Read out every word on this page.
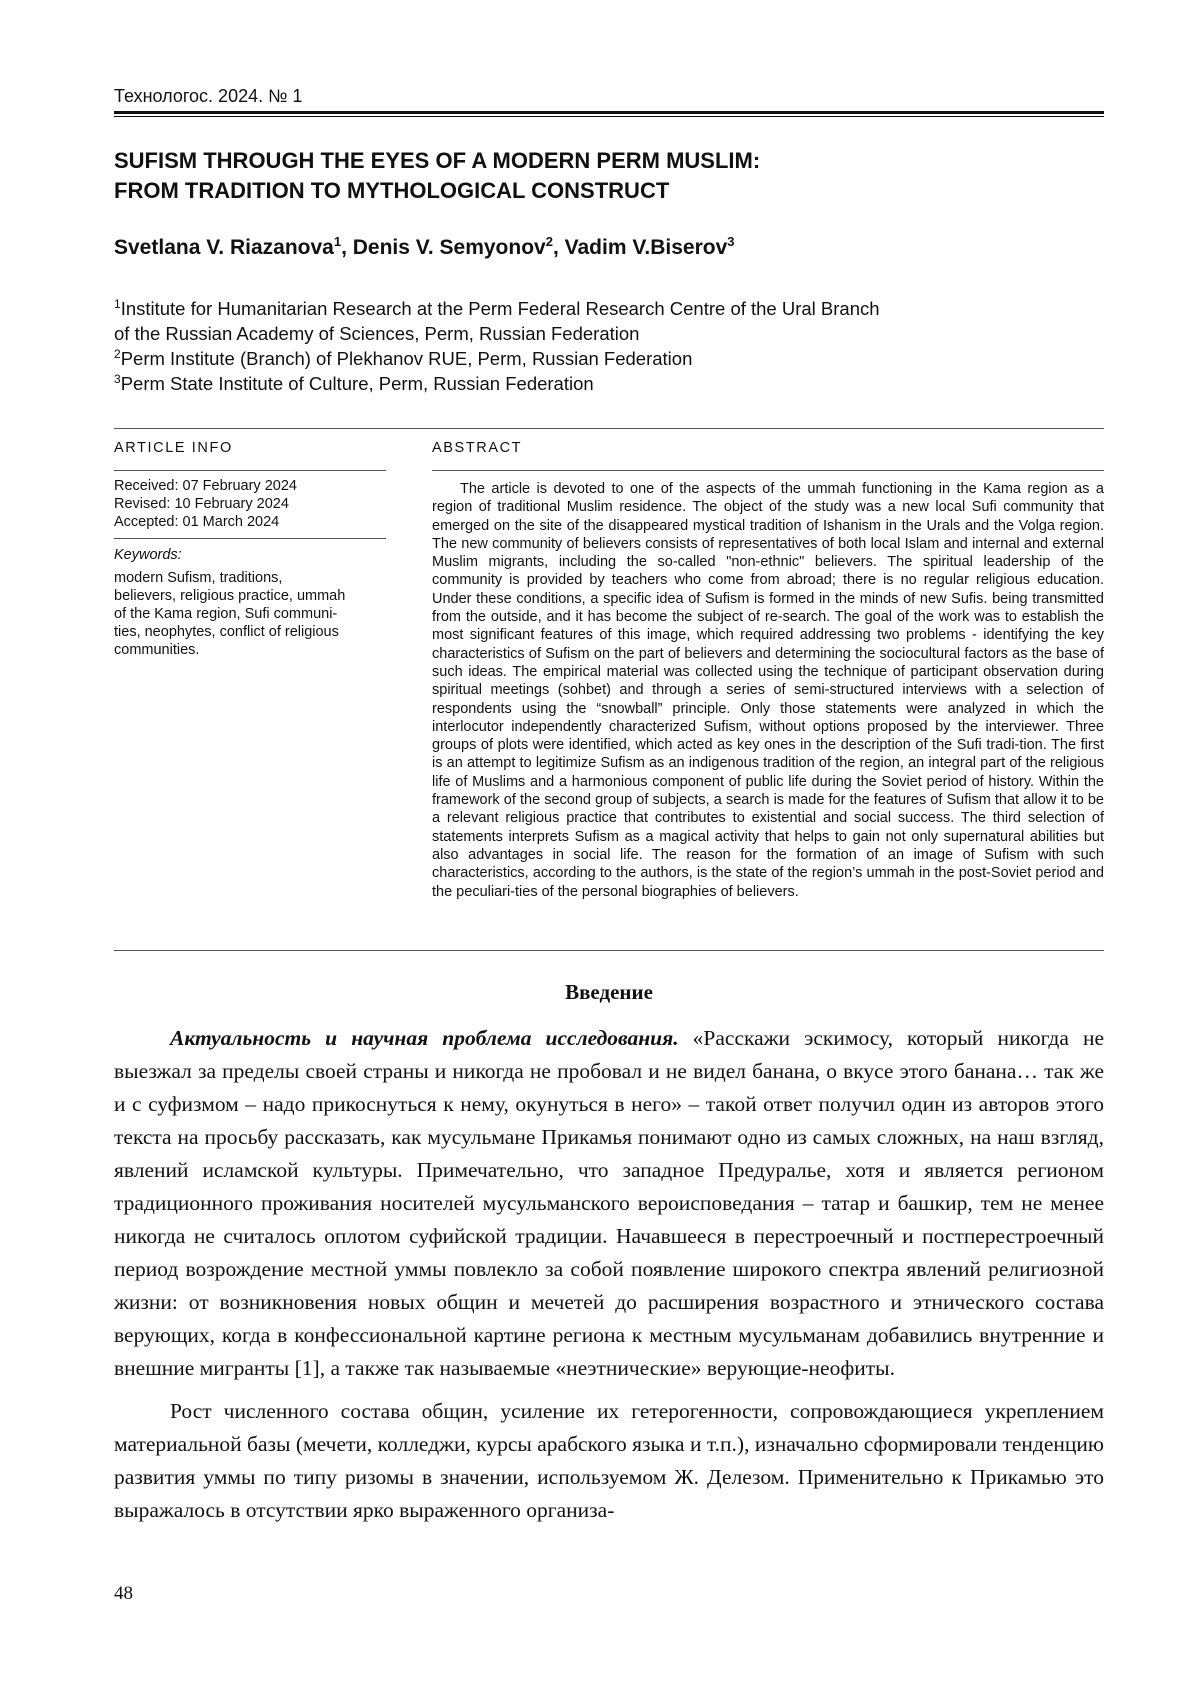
Технологос. 2024. № 1
SUFISM THROUGH THE EYES OF A MODERN PERM MUSLIM:
FROM TRADITION TO MYTHOLOGICAL CONSTRUCT
Svetlana V. Riazanova$^1$, Denis V. Semyonov$^2$, Vadim V.Biserov$^3$
$^1$Institute for Humanitarian Research at the Perm Federal Research Centre of the Ural Branch
of the Russian Academy of Sciences, Perm, Russian Federation
$^2$Perm Institute (Branch) of Plekhanov RUE, Perm, Russian Federation
$^3$Perm State Institute of Culture, Perm, Russian Federation
ARTICLE INFO	ABSTRACT
Received: 07 February 2024
Revised: 10 February 2024
Accepted: 01 March 2024
Keywords:
modern Sufism, traditions,
believers, religious practice, ummah
of the Kama region, Sufi communi-
ties, neophytes, conflict of religious
communities.
The article is devoted to one of the aspects of the ummah functioning in the Kama region as a region of traditional Muslim residence. The object of the study was a new local Sufi community that emerged on the site of the disappeared mystical tradition of Ishanism in the Urals and the Volga region. The new community of believers consists of representatives of both local Islam and internal and external Muslim migrants, including the so-called "non-ethnic" believers. The spiritual leadership of the community is provided by teachers who come from abroad; there is no regular religious education. Under these conditions, a specific idea of Sufism is formed in the minds of new Sufis. being transmitted from the outside, and it has become the subject of re-search. The goal of the work was to establish the most significant features of this image, which required addressing two problems - identifying the key characteristics of Sufism on the part of believers and determining the sociocultural factors as the base of such ideas. The empirical material was collected using the technique of participant observation during spiritual meetings (sohbet) and through a series of semi-structured interviews with a selection of respondents using the “snowball” principle. Only those statements were analyzed in which the interlocutor independently characterized Sufism, without options proposed by the interviewer. Three groups of plots were identified, which acted as key ones in the description of the Sufi tradi-tion. The first is an attempt to legitimize Sufism as an indigenous tradition of the region, an integral part of the religious life of Muslims and a harmonious component of public life during the Soviet period of history. Within the framework of the second group of subjects, a search is made for the features of Sufism that allow it to be a relevant religious practice that contributes to existential and social success. The third selection of statements interprets Sufism as a magical activity that helps to gain not only supernatural abilities but also advantages in social life. The reason for the formation of an image of Sufism with such characteristics, according to the authors, is the state of the region’s ummah in the post-Soviet period and the peculiari-ties of the personal biographies of believers.
Введение
Актуальность и научная проблема исследования. «Расскажи эскимосу, который никогда не выезжал за пределы своей страны и никогда не пробовал и не видел банана, о вкусе этого банана… так же и с суфизмом – надо прикоснуться к нему, окунуться в него» – такой ответ получил один из авторов этого текста на просьбу рассказать, как мусульмане Прикамья понимают одно из самых сложных, на наш взгляд, явлений исламской культуры. Примечательно, что западное Предуралье, хотя и является регионом традиционного проживания носителей мусульманского вероисповедания – татар и башкир, тем не менее никогда не считалось оплотом суфийской традиции. Начавшееся в перестроечный и постперестроечный период возрождение местной уммы повлекло за собой появление широкого спектра явлений религиозной жизни: от возникновения новых общин и мечетей до расширения возрастного и этнического состава верующих, когда в конфессиональной картине региона к местным мусульманам добавились внутренние и внешние мигранты [1], а также так называемые «неэтнические» верующие-неофиты.
Рост численного состава общин, усиление их гетерогенности, сопровождающиеся укреплением материальной базы (мечети, колледжи, курсы арабского языка и т.п.), изначально сформировали тенденцию развития уммы по типу ризомы в значении, используемом Ж. Делезом. Применительно к Прикамью это выражалось в отсутствии ярко выраженного организа-
48
